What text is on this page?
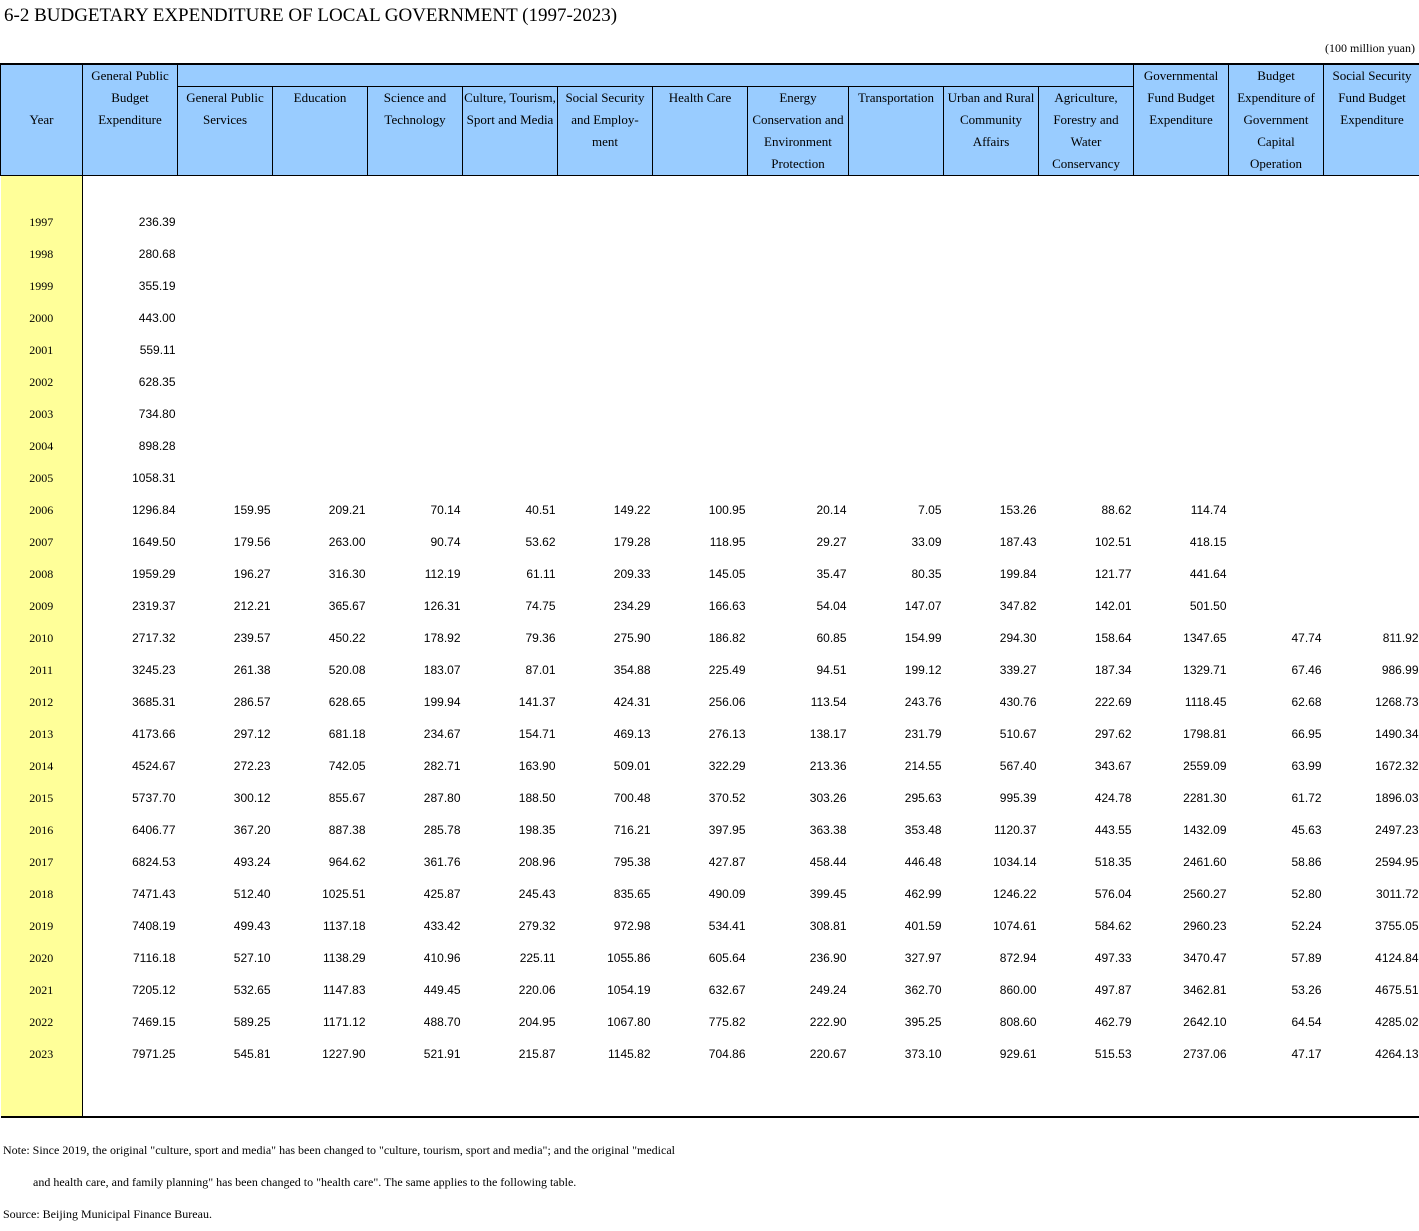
6-2 BUDGETARY EXPENDITURE OF LOCAL GOVERNMENT (1997-2023)
(100 million yuan)
Year	General Public Budget Expenditure											Governmental Fund Budget Expenditure	Budget Expenditure of Government Capital Operation	Social Security Fund Budget Expenditure
		General Public Services	Education	Science and Technology	Culture, Tourism, Sport and Media	Social Security and Employ- ment	Health Care	Energy Conservation and Environment Protection	Transportation	Urban and Rural Community Affairs	Agriculture, Forestry and Water Conservancy			

1997	236.39													
1998	280.68													
1999	355.19													
2000	443.00													
2001	559.11													
2002	628.35													
2003	734.80													
2004	898.28													
2005	1058.31													
2006	1296.84	159.95	209.21	70.14	40.51	149.22	100.95	20.14	7.05	153.26	88.62	114.74		
2007	1649.50	179.56	263.00	90.74	53.62	179.28	118.95	29.27	33.09	187.43	102.51	418.15		
2008	1959.29	196.27	316.30	112.19	61.11	209.33	145.05	35.47	80.35	199.84	121.77	441.64		
2009	2319.37	212.21	365.67	126.31	74.75	234.29	166.63	54.04	147.07	347.82	142.01	501.50		
2010	2717.32	239.57	450.22	178.92	79.36	275.90	186.82	60.85	154.99	294.30	158.64	1347.65	47.74	811.92
2011	3245.23	261.38	520.08	183.07	87.01	354.88	225.49	94.51	199.12	339.27	187.34	1329.71	67.46	986.99
2012	3685.31	286.57	628.65	199.94	141.37	424.31	256.06	113.54	243.76	430.76	222.69	1118.45	62.68	1268.73
2013	4173.66	297.12	681.18	234.67	154.71	469.13	276.13	138.17	231.79	510.67	297.62	1798.81	66.95	1490.34
2014	4524.67	272.23	742.05	282.71	163.90	509.01	322.29	213.36	214.55	567.40	343.67	2559.09	63.99	1672.32
2015	5737.70	300.12	855.67	287.80	188.50	700.48	370.52	303.26	295.63	995.39	424.78	2281.30	61.72	1896.03
2016	6406.77	367.20	887.38	285.78	198.35	716.21	397.95	363.38	353.48	1120.37	443.55	1432.09	45.63	2497.23
2017	6824.53	493.24	964.62	361.76	208.96	795.38	427.87	458.44	446.48	1034.14	518.35	2461.60	58.86	2594.95
2018	7471.43	512.40	1025.51	425.87	245.43	835.65	490.09	399.45	462.99	1246.22	576.04	2560.27	52.80	3011.72
2019	7408.19	499.43	1137.18	433.42	279.32	972.98	534.41	308.81	401.59	1074.61	584.62	2960.23	52.24	3755.05
2020	7116.18	527.10	1138.29	410.96	225.11	1055.86	605.64	236.90	327.97	872.94	497.33	3470.47	57.89	4124.84
2021	7205.12	532.65	1147.83	449.45	220.06	1054.19	632.67	249.24	362.70	860.00	497.87	3462.81	53.26	4675.51
2022	7469.15	589.25	1171.12	488.70	204.95	1067.80	775.82	222.90	395.25	808.60	462.79	2642.10	64.54	4285.02
2023	7971.25	545.81	1227.90	521.91	215.87	1145.82	704.86	220.67	373.10	929.61	515.53	2737.06	47.17	4264.13

Note: Since 2019, the original "culture, sport and media" has been changed to "culture, tourism, sport and media"; and the original "medical
and health care, and family planning" has been changed to "health care". The same applies to the following table.
Source: Beijing Municipal Finance Bureau.
